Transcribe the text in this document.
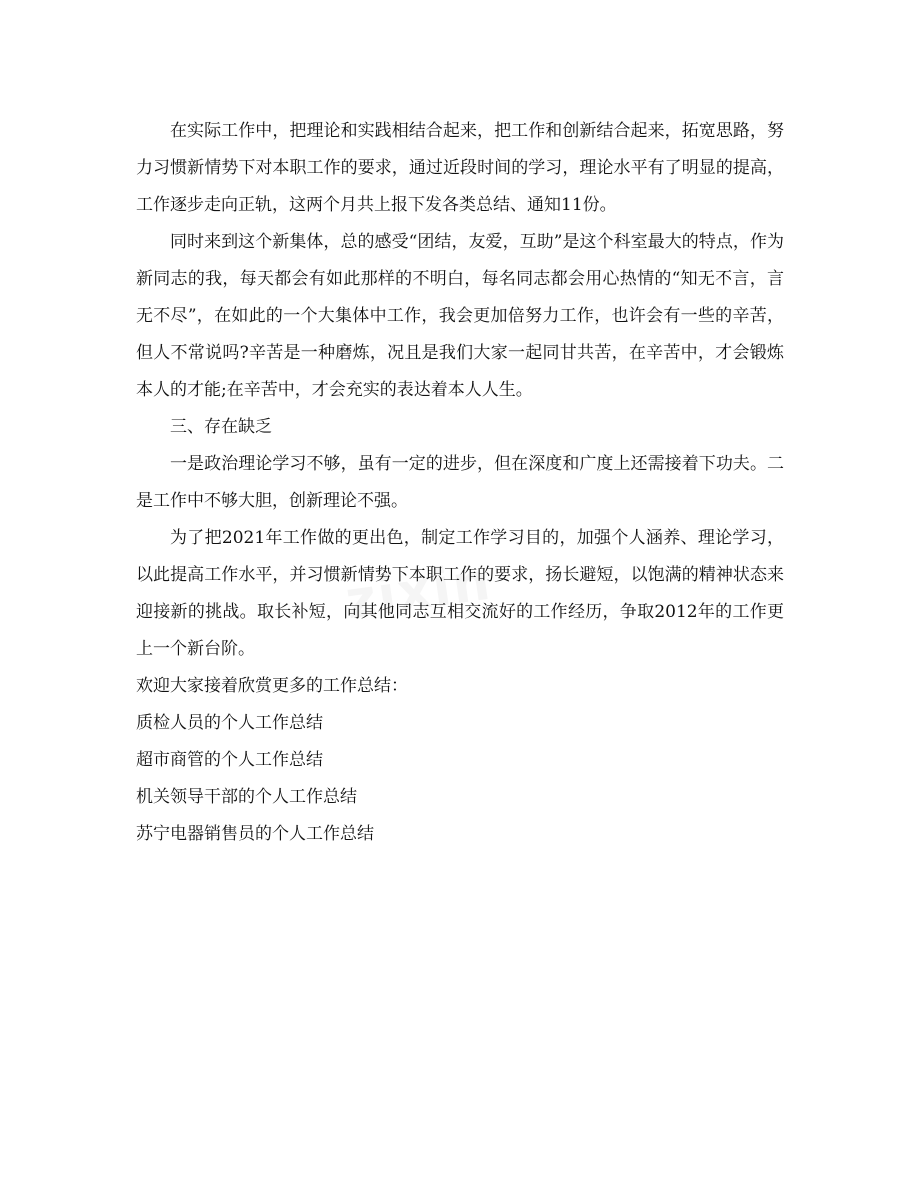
在实际工作中，把理论和实践相结合起来，把工作和创新结合起来，拓宽思路，努力习惯新情势下对本职工作的要求，通过近段时间的学习，理论水平有了明显的提高，工作逐步走向正轨，这两个月共上报下发各类总结、通知11份。

同时来到这个新集体，总的感受“团结，友爱，互助”是这个科室最大的特点，作为新同志的我，每天都会有如此那样的不明白，每名同志都会用心热情的“知无不言，言无不尽”，在如此的一个大集体中工作，我会更加倍努力工作，也许会有一些的辛苦，但人不常说吗?辛苦是一种磨炼，况且是我们大家一起同甘共苦，在辛苦中，才会锻炼本人的才能;在辛苦中，才会充实的表达着本人人生。

三、存在缺乏

一是政治理论学习不够，虽有一定的进步，但在深度和广度上还需接着下功夫。二是工作中不够大胆，创新理论不强。

为了把2021年工作做的更出色，制定工作学习目的，加强个人涵养、理论学习，以此提高工作水平，并习惯新情势下本职工作的要求，扬长避短，以饱满的精神状态来迎接新的挑战。取长补短，向其他同志互相交流好的工作经历，争取2012年的工作更上一个新台阶。

欢迎大家接着欣赏更多的工作总结：

质检人员的个人工作总结
超市商管的个人工作总结
机关领导干部的个人工作总结
苏宁电器销售员的个人工作总结
